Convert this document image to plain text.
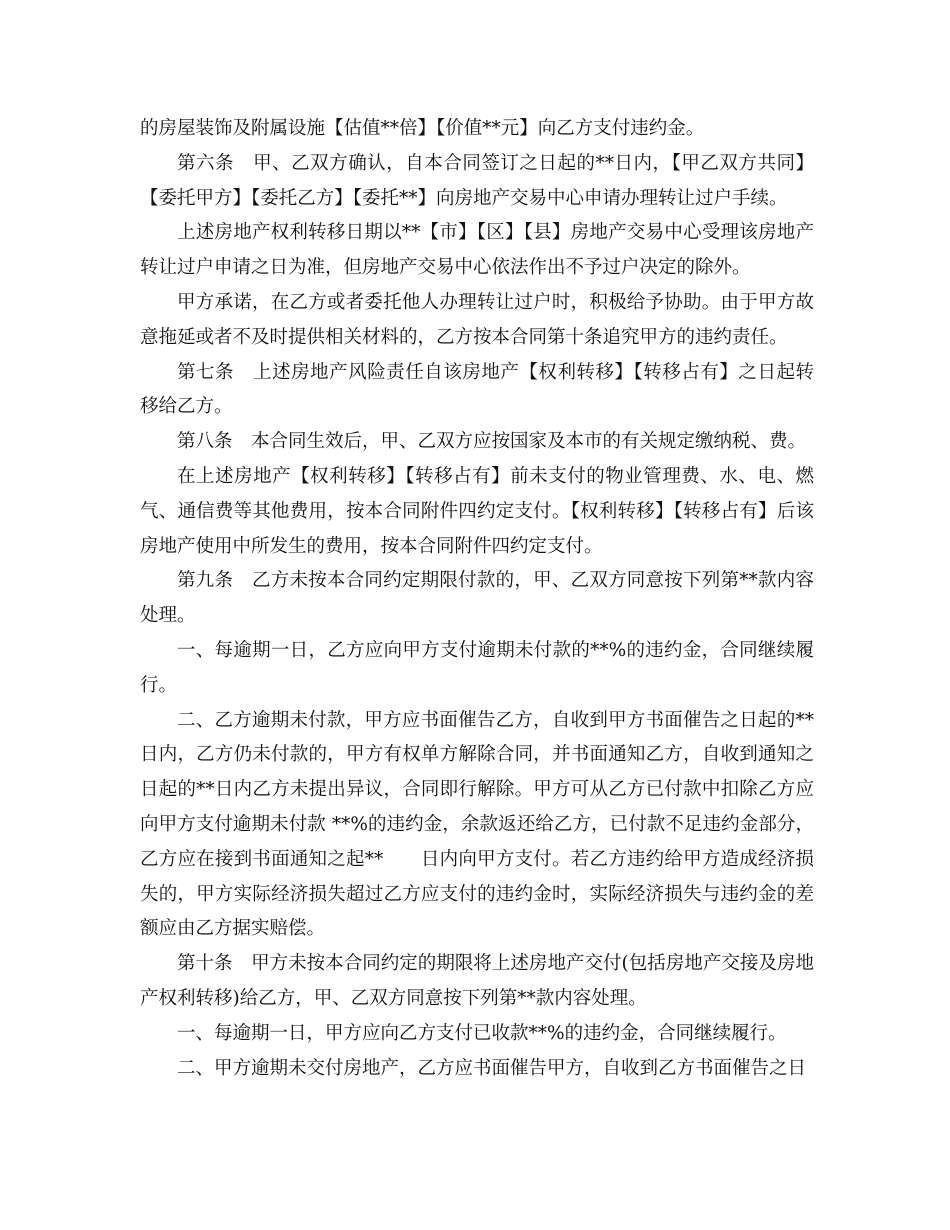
的房屋装饰及附属设施【估值**倍】【价值**元】向乙方支付违约金。

第六条　甲、乙双方确认，自本合同签订之日起的**日内，【甲乙双方共同】【委托甲方】【委托乙方】【委托**】向房地产交易中心申请办理转让过户手续。

上述房地产权利转移日期以**【市】【区】【县】房地产交易中心受理该房地产转让过户申请之日为准，但房地产交易中心依法作出不予过户决定的除外。

甲方承诺，在乙方或者委托他人办理转让过户时，积极给予协助。由于甲方故意拖延或者不及时提供相关材料的，乙方按本合同第十条追究甲方的违约责任。

第七条　上述房地产风险责任自该房地产【权利转移】【转移占有】之日起转移给乙方。

第八条　本合同生效后，甲、乙双方应按国家及本市的有关规定缴纳税、费。

在上述房地产【权利转移】【转移占有】前未支付的物业管理费、水、电、燃气、通信费等其他费用，按本合同附件四约定支付。【权利转移】【转移占有】后该房地产使用中所发生的费用，按本合同附件四约定支付。

第九条　乙方未按本合同约定期限付款的，甲、乙双方同意按下列第**款内容处理。

一、每逾期一日，乙方应向甲方支付逾期未付款的**%的违约金，合同继续履行。

二、乙方逾期未付款，甲方应书面催告乙方，自收到甲方书面催告之日起的**日内，乙方仍未付款的，甲方有权单方解除合同，并书面通知乙方，自收到通知之日起的**日内乙方未提出异议，合同即行解除。甲方可从乙方已付款中扣除乙方应向甲方支付逾期未付款 **%的违约金，余款返还给乙方，已付款不足违约金部分，乙方应在接到书面通知之起**　　日内向甲方支付。若乙方违约给甲方造成经济损失的，甲方实际经济损失超过乙方应支付的违约金时，实际经济损失与违约金的差额应由乙方据实赔偿。

第十条　甲方未按本合同约定的期限将上述房地产交付(包括房地产交接及房地产权利转移)给乙方，甲、乙双方同意按下列第**款内容处理。

一、每逾期一日，甲方应向乙方支付已收款**%的违约金，合同继续履行。

二、甲方逾期未交付房地产，乙方应书面催告甲方，自收到乙方书面催告之日
